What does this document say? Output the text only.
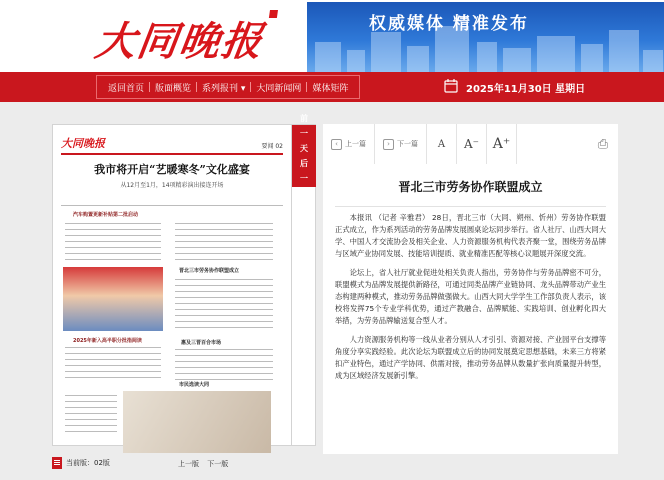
大同晚报	权威媒体 精准发布
返回首页	版面概览	系列报刊 ▾	大同新闻网	媒体矩阵	2025年11月30日 星期日
大同晚报	要闻 02
我市将开启“艺暖寒冬”文化盛宴
从12月至1月，14项精彩演出接连开场
汽车购置更新补贴第二批启动
晋北三市劳务协作联盟成立
2025年新入高半职分批指阅读	惠及三晋百合市场
市民选读大同
前
一
天
后
一
天
当前版：02版	上一版 下一版
‹	上一篇	›	下一篇	A	A⁻ A⁺	⎙
晋北三市劳务协作联盟成立

本报讯 （记者 辛雅君） 28日，晋北三市（大同、朔州、忻州）劳务协作联盟正式成立，作为系列活动的劳务品牌发展圆桌论坛同步举行。省人社厅、山西大同大学、中国人才交流协会及相关企业、人力资源服务机构代表齐聚一堂，围绕劳务品牌与区域产业协同发展、技能培训提质、就业精准匹配等核心议题展开深度交流。

论坛上，省人社厅就业促进处相关负责人指出，劳务协作与劳务品牌密不可分，联盟模式为品牌发展提供新路径，可通过同类品牌产业链协同、龙头品牌带动产业生态构建两种模式，推动劳务品牌做强做大。山西大同大学学生工作部负责人表示，该校将发挥75个专业学科优势，通过产教融合、品牌赋能、实践培训、创业孵化四大举措，为劳务品牌输送复合型人才。

人力资源服务机构等一线从业者分别从人才引引、资源对接、产业园平台支撑等角度分享实践经验。此次论坛为联盟成立后的协同发展奠定思想基础，未来三方将紧扣产业特色，通过产学协同、供需对接，推动劳务品牌从数量扩张向质量提升转型，成为区域经济发展新引擎。
